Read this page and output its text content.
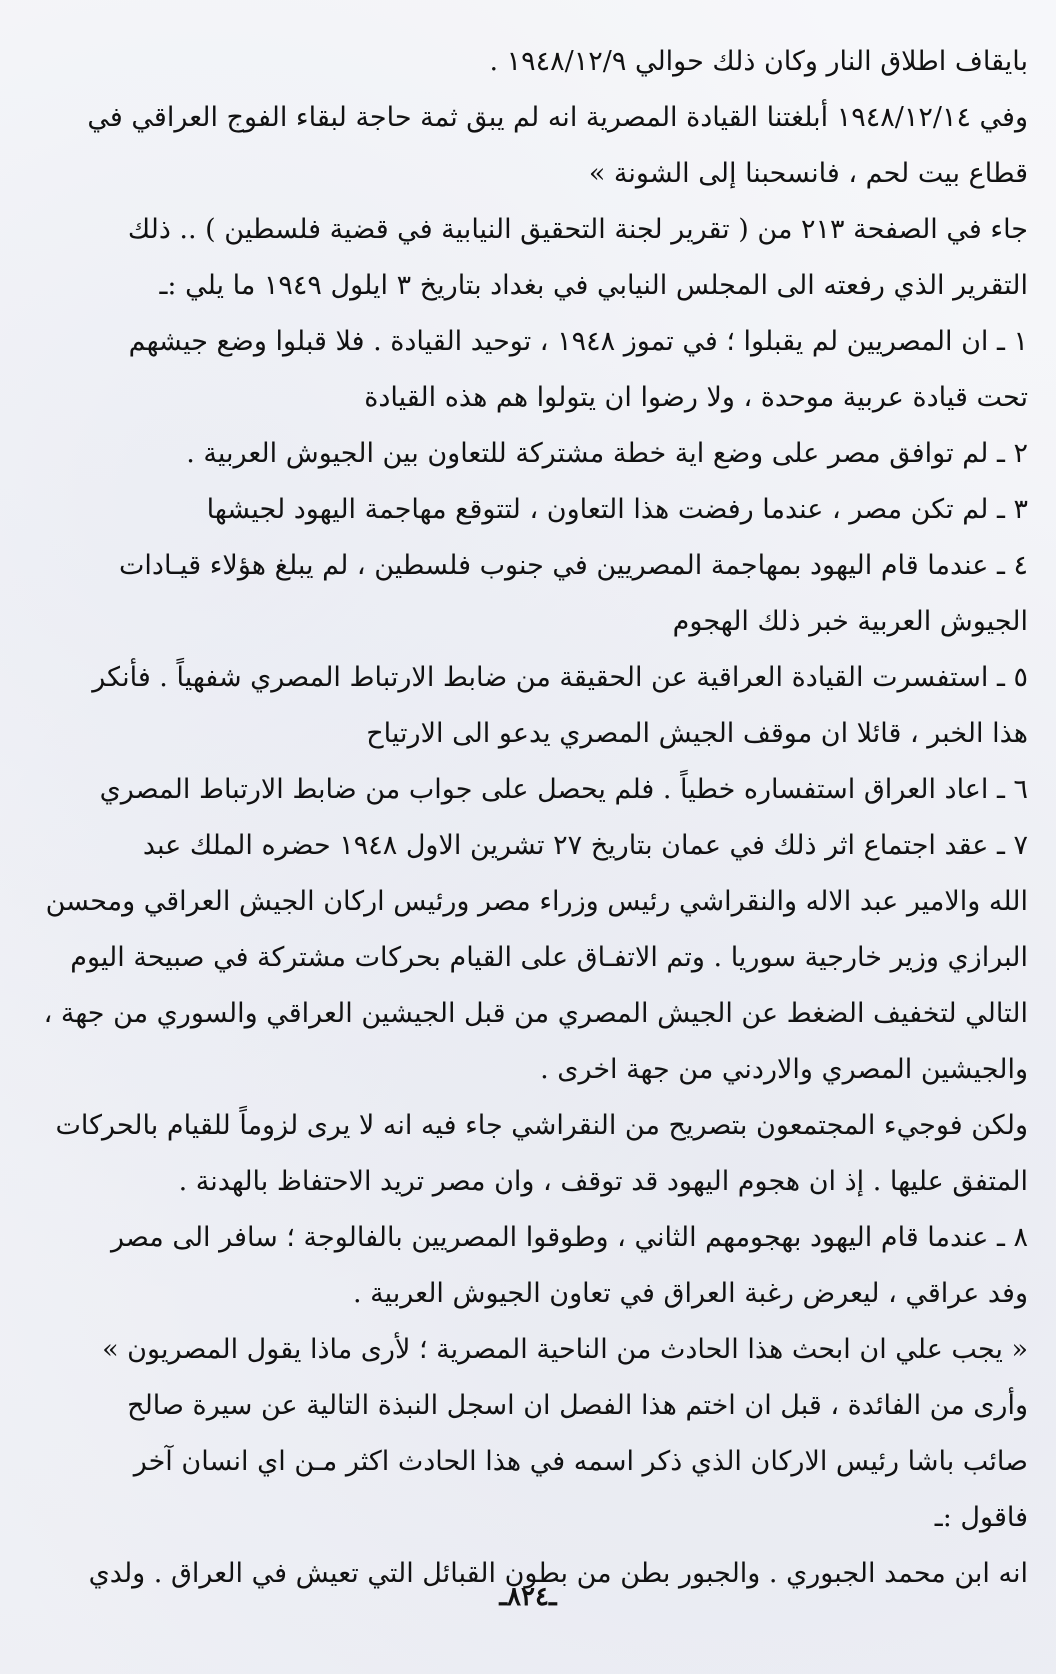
بايقاف اطلاق النار وكان ذلك حوالي ١٩٤٨/١٢/٩ .
وفي ١٩٤٨/١٢/١٤ أبلغتنا القيادة المصرية انه لم يبق ثمة حاجة لبقاء الفوج العراقي في
قطاع بيت لحم ، فانسحبنا إلى الشونة »
جاء في الصفحة ٢١٣ من ( تقرير لجنة التحقيق النيابية في قضية فلسطين ) .. ذلك
التقرير الذي رفعته الى المجلس النيابي في بغداد بتاريخ ٣ ايلول ١٩٤٩ ما يلي :ـ
١ ـ ان المصريين لم يقبلوا ؛ في تموز ١٩٤٨ ، توحيد القيادة . فلا قبلوا وضع جيشهم
تحت قيادة عربية موحدة ، ولا رضوا ان يتولوا هم هذه القيادة
٢ ـ لم توافق مصر على وضع اية خطة مشتركة للتعاون بين الجيوش العربية .
٣ ـ لم تكن مصر ، عندما رفضت هذا التعاون ، لتتوقع مهاجمة اليهود لجيشها
٤ ـ عندما قام اليهود بمهاجمة المصريين في جنوب فلسطين ، لم يبلغ هؤلاء قيـادات
الجيوش العربية خبر ذلك الهجوم
٥ ـ استفسرت القيادة العراقية عن الحقيقة من ضابط الارتباط المصري شفهياً . فأنكر
هذا الخبر ، قائلا ان موقف الجيش المصري يدعو الى الارتياح
٦ ـ اعاد العراق استفساره خطياً . فلم يحصل على جواب من ضابط الارتباط المصري
٧ ـ عقد اجتماع اثر ذلك في عمان بتاريخ ٢٧ تشرين الاول ١٩٤٨ حضره الملك عبد
الله والامير عبد الاله والنقراشي رئيس وزراء مصر ورئيس اركان الجيش العراقي ومحسن
البرازي وزير خارجية سوريا . وتم الاتفـاق على القيام بحركات مشتركة في صبيحة اليوم
التالي لتخفيف الضغط عن الجيش المصري من قبل الجيشين العراقي والسوري من جهة ،
والجيشين المصري والاردني من جهة اخرى .
ولكن فوجيء المجتمعون بتصريح من النقراشي جاء فيه انه لا يرى لزوماً للقيام بالحركات
المتفق عليها . إذ ان هجوم اليهود قد توقف ، وان مصر تريد الاحتفاظ بالهدنة .
٨ ـ عندما قام اليهود بهجومهم الثاني ، وطوقوا المصريين بالفالوجة ؛ سافر الى مصر
وفد عراقي ، ليعرض رغبة العراق في تعاون الجيوش العربية .
« يجب علي ان ابحث هذا الحادث من الناحية المصرية ؛ لأرى ماذا يقول المصريون »
وأرى من الفائدة ، قبل ان اختم هذا الفصل ان اسجل النبذة التالية عن سيرة صالح
صائب باشا رئيس الاركان الذي ذكر اسمه في هذا الحادث اكثر مـن اي انسان آخر
فاقول :ـ
انه ابن محمد الجبوري . والجبور بطن من بطون القبائل التي تعيش في العراق . ولدي
ـ٨٢٤ـ
